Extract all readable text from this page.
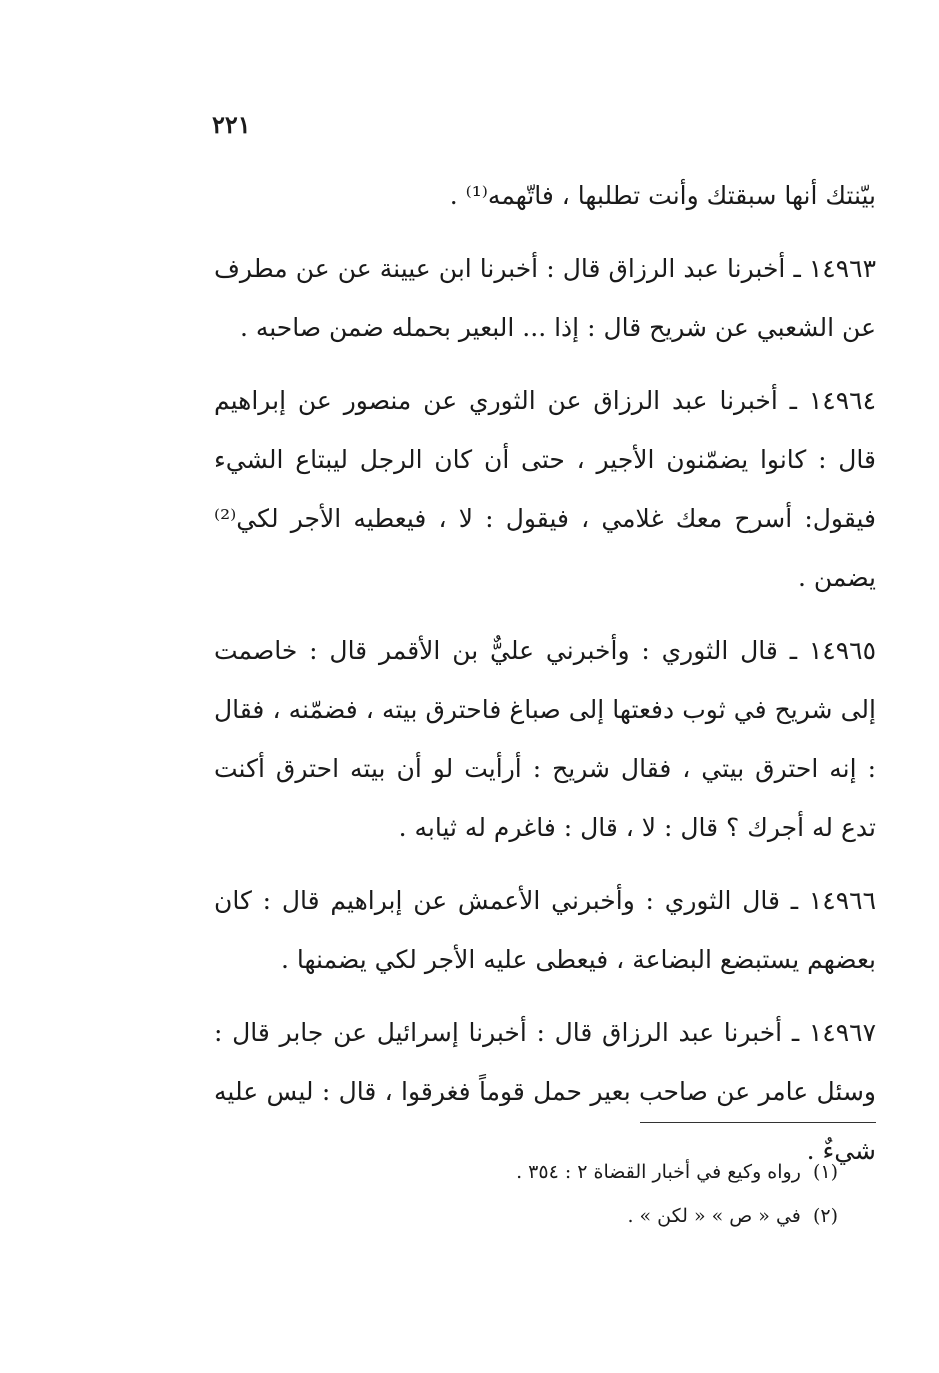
٢٢١

بيّنتك أنها سبقتك وأنت تطلبها ، فاتّهمه⁽¹⁾ .

١٤٩٦٣ ـ أخبرنا عبد الرزاق قال : أخبرنا ابن عيينة عن عن مطرف عن الشعبي عن شريح قال : إذا ... البعير بحمله ضمن صاحبه .

١٤٩٦٤ ـ أخبرنا عبد الرزاق عن الثوري عن منصور عن إبراهيم قال : كانوا يضمّنون الأجير ، حتى أن كان الرجل ليبتاع الشيء فيقول: أسرح معك غلامي ، فيقول : لا ، فيعطيه الأجر لكي⁽²⁾ يضمن .

١٤٩٦٥ ـ قال الثوري : وأخبرني عليٌّ بن الأقمر قال : خاصمت إلى شريح في ثوب دفعتها إلى صباغ فاحترق بيته ، فضمّنه ، فقال : إنه احترق بيتي ، فقال شريح : أرأيت لو أن بيته احترق أكنت تدع له أجرك ؟ قال : لا ، قال : فاغرم له ثيابه .

١٤٩٦٦ ـ قال الثوري : وأخبرني الأعمش عن إبراهيم قال : كان بعضهم يستبضع البضاعة ، فيعطى عليه الأجر لكي يضمنها .

١٤٩٦٧ ـ أخبرنا عبد الرزاق قال : أخبرنا إسرائيل عن جابر قال : وسئل عامر عن صاحب بعير حمل قوماً فغرقوا ، قال : ليس عليه شيءٌ .

(١) رواه وكيع في أخبار القضاة ٢ : ٣٥٤ .

(٢) في « ص » « لكن » .
